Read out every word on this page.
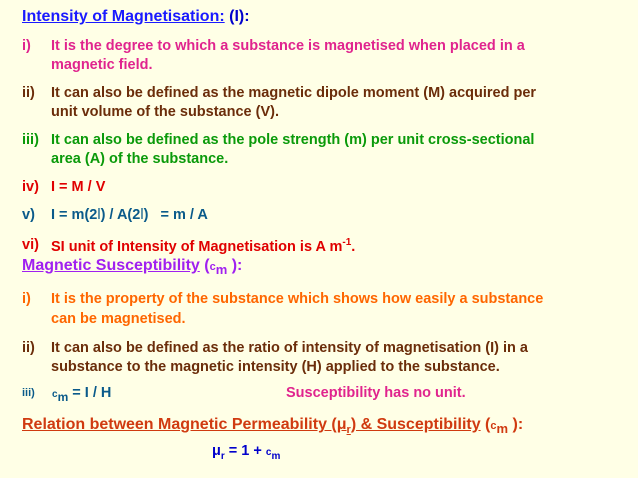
Intensity of Magnetisation: (I):
i) It is the degree to which a substance is magnetised when placed in a
magnetic field.
ii) It can also be defined as the magnetic dipole moment (M) acquired per
unit volume of the substance (V).
iii) It can also be defined as the pole strength (m) per unit cross-sectional
area (A) of the substance.
iv) I = M / V
v) I = m(2l) / A(2l)   = m / A
vi) SI unit of Intensity of Magnetisation is A $m^{-1}$.
Magnetic Susceptibility ($c_m$ ):
i) It is the property of the substance which shows how easily a substance
can be magnetised.
ii) It can also be defined as the ratio of intensity of magnetisation (I) in a
substance to the magnetic intensity (H) applied to the substance.
iii) $c_m = I / H$	Susceptibility has no unit.
Relation between Magnetic Permeability $(\mu_r)$ & Susceptibility ($c_m$ ):
$\mu_r = 1 + c_m$
